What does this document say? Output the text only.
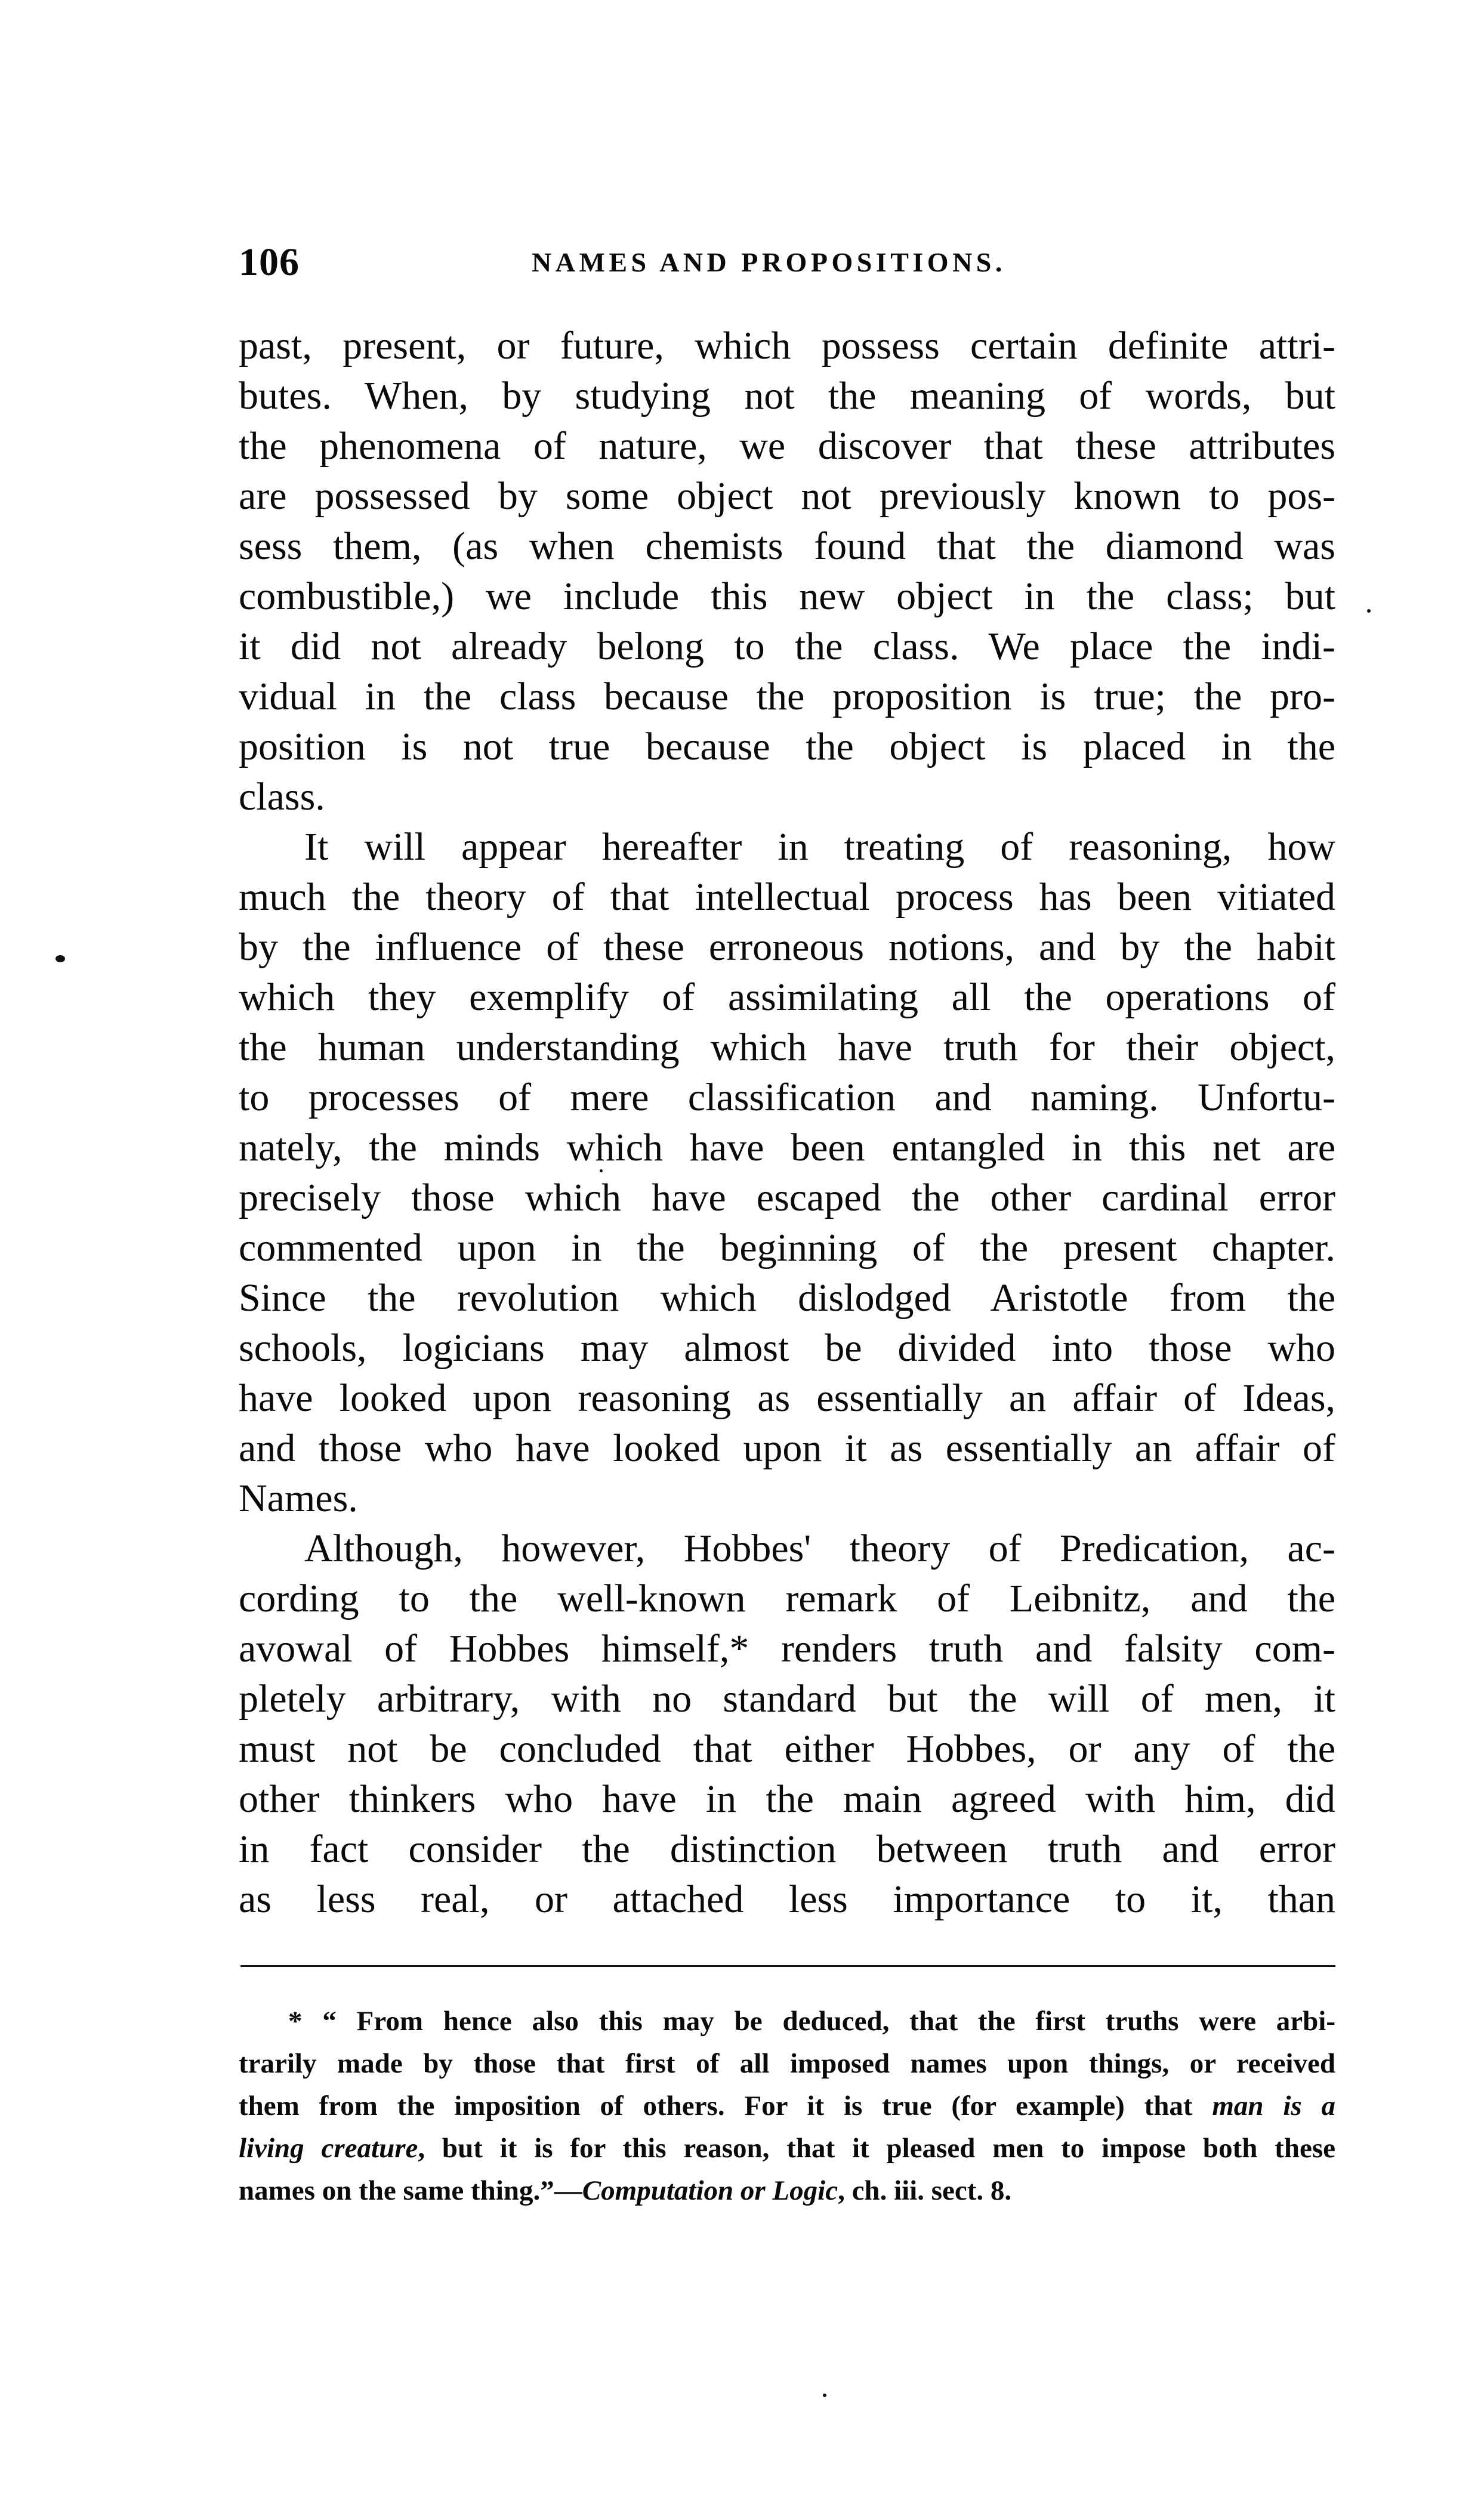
106	NAMES AND PROPOSITIONS.
past, present, or future, which possess certain definite attri-
butes. When, by studying not the meaning of words, but
the phenomena of nature, we discover that these attributes
are possessed by some object not previously known to pos-
sess them, (as when chemists found that the diamond was
combustible,) we include this new object in the class; but
it did not already belong to the class. We place the indi-
vidual in the class because the proposition is true; the pro-
position is not true because the object is placed in the
class.
It will appear hereafter in treating of reasoning, how
much the theory of that intellectual process has been vitiated
by the influence of these erroneous notions, and by the habit
which they exemplify of assimilating all the operations of
the human understanding which have truth for their object,
to processes of mere classification and naming. Unfortu-
nately, the minds which have been entangled in this net are
precisely those which have escaped the other cardinal error
commented upon in the beginning of the present chapter.
Since the revolution which dislodged Aristotle from the
schools, logicians may almost be divided into those who
have looked upon reasoning as essentially an affair of Ideas,
and those who have looked upon it as essentially an affair of
Names.
Although, however, Hobbes' theory of Predication, ac-
cording to the well-known remark of Leibnitz, and the
avowal of Hobbes himself,* renders truth and falsity com-
pletely arbitrary, with no standard but the will of men, it
must not be concluded that either Hobbes, or any of the
other thinkers who have in the main agreed with him, did
in fact consider the distinction between truth and error
as less real, or attached less importance to it, than
* “ From hence also this may be deduced, that the first truths were arbi-
trarily made by those that first of all imposed names upon things, or received
them from the imposition of others. For it is true (for example) that man is a
living creature, but it is for this reason, that it pleased men to impose both these
names on the same thing.”—Computation or Logic, ch. iii. sect. 8.
